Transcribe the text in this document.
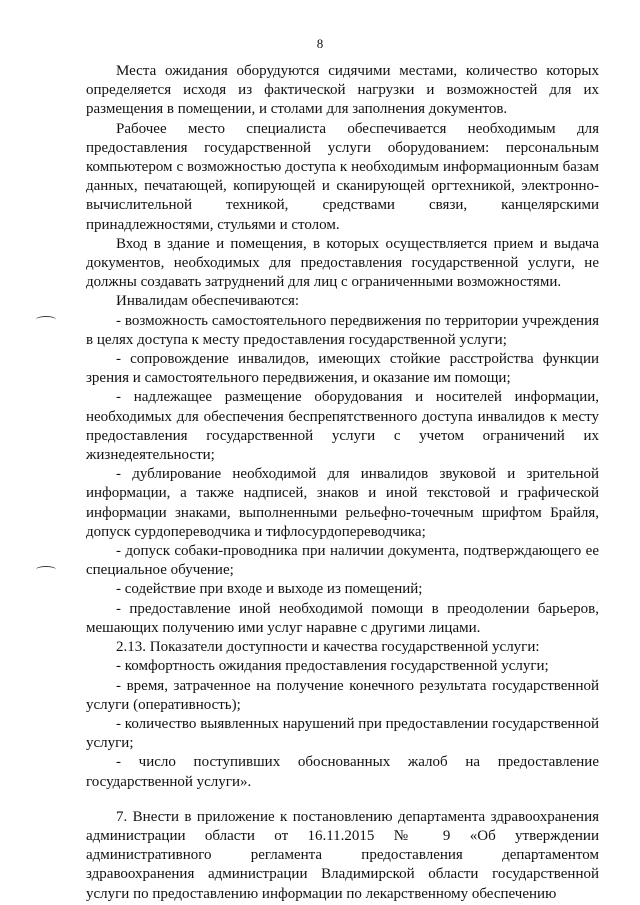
8

Места ожидания оборудуются сидячими местами, количество которых определяется исходя из фактической нагрузки и возможностей для их размещения в помещении, и столами для заполнения документов.

Рабочее место специалиста обеспечивается необходимым для предоставления государственной услуги оборудованием: персональным компьютером с возможностью доступа к необходимым информационным базам данных, печатающей, копирующей и сканирующей оргтехникой, электронно-вычислительной техникой, средствами связи, канцелярскими принадлежностями, стульями и столом.

Вход в здание и помещения, в которых осуществляется прием и выдача документов, необходимых для предоставления государственной услуги, не должны создавать затруднений для лиц с ограниченными возможностями.

Инвалидам обеспечиваются:

- возможность самостоятельного передвижения по территории учреждения в целях доступа к месту предоставления государственной услуги;

- сопровождение инвалидов, имеющих стойкие расстройства функции зрения и самостоятельного передвижения, и оказание им помощи;

- надлежащее размещение оборудования и носителей информации, необходимых для обеспечения беспрепятственного доступа инвалидов к месту предоставления государственной услуги с учетом ограничений их жизнедеятельности;

- дублирование необходимой для инвалидов звуковой и зрительной информации, а также надписей, знаков и иной текстовой и графической информации знаками, выполненными рельефно-точечным шрифтом Брайля, допуск сурдопереводчика и тифлосурдопереводчика;

- допуск собаки-проводника при наличии документа, подтверждающего ее специальное обучение;

- содействие при входе и выходе из помещений;

- предоставление иной необходимой помощи в преодолении барьеров, мешающих получению ими услуг наравне с другими лицами.

2.13. Показатели доступности и качества государственной услуги:

- комфортность ожидания предоставления государственной услуги;

- время, затраченное на получение конечного результата государственной услуги (оперативность);

- количество выявленных нарушений при предоставлении государственной услуги;

- число поступивших обоснованных жалоб на предоставление государственной услуги».

7. Внести в приложение к постановлению департамента здравоохранения администрации области от 16.11.2015 № 9 «Об утверждении административного регламента предоставления департаментом здравоохранения администрации Владимирской области государственной услуги по предоставлению информации по лекарственному обеспечению
